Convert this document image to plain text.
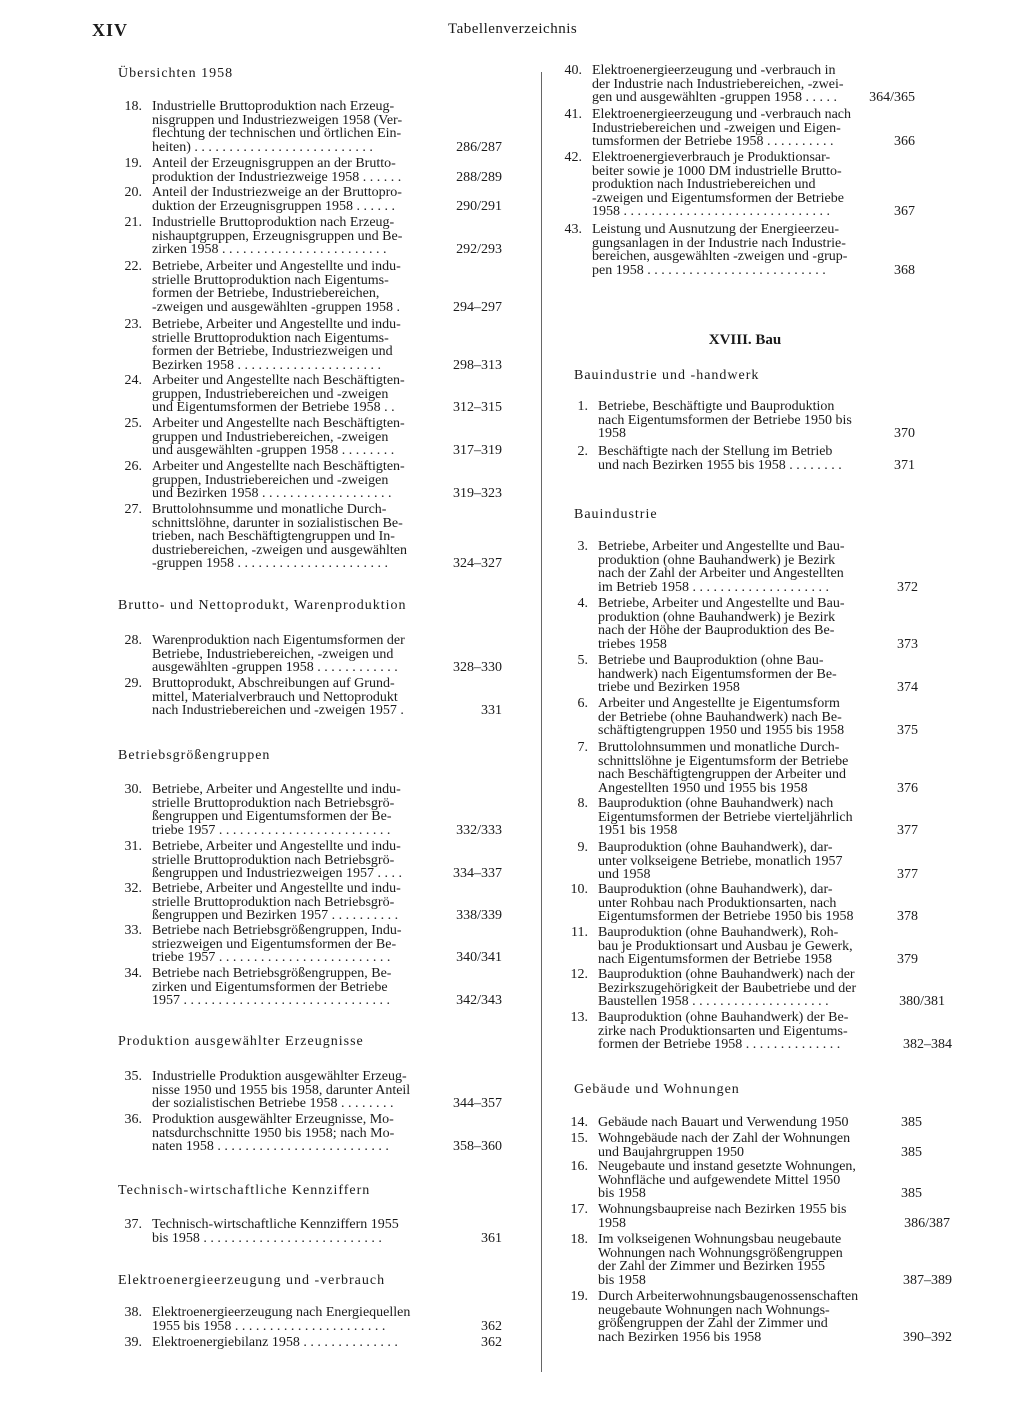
XIV	Tabellenverzeichnis
Übersichten 1958
18. Industrielle Bruttoproduktion nach Erzeug-
nisgruppen und Industriezweigen 1958 (Ver-
flechtung der technischen und örtlichen Ein-
heiten) . . . . . . . . . . . . . . . . . . . . . . . . . .	286/287
19. Anteil der Erzeugnisgruppen an der Brutto-
produktion der Industriezweige 1958 . . . . . .	288/289
20. Anteil der Industriezweige an der Bruttopro-
duktion der Erzeugnisgruppen 1958 . . . . . .	290/291
21. Industrielle Bruttoproduktion nach Erzeug-
nishauptgruppen, Erzeugnisgruppen und Be-
zirken 1958 . . . . . . . . . . . . . . . . . . . . . . . .	292/293
22. Betriebe, Arbeiter und Angestellte und indu-
strielle Bruttoproduktion nach Eigentums-
formen der Betriebe, Industriebereichen,
-zweigen und ausgewählten -gruppen 1958 .	294–297
23. Betriebe, Arbeiter und Angestellte und indu-
strielle Bruttoproduktion nach Eigentums-
formen der Betriebe, Industriezweigen und
Bezirken 1958 . . . . . . . . . . . . . . . . . . . . .	298–313
24. Arbeiter und Angestellte nach Beschäftigten-
gruppen, Industriebereichen und -zweigen
und Eigentumsformen der Betriebe 1958 . .	312–315
25. Arbeiter und Angestellte nach Beschäftigten-
gruppen und Industriebereichen, -zweigen
und ausgewählten -gruppen 1958 . . . . . . . .	317–319
26. Arbeiter und Angestellte nach Beschäftigten-
gruppen, Industriebereichen und -zweigen
und Bezirken 1958 . . . . . . . . . . . . . . . . . . .	319–323
27. Bruttolohnsumme und monatliche Durch-
schnittslöhne, darunter in sozialistischen Be-
trieben, nach Beschäftigtengruppen und In-
dustriebereichen, -zweigen und ausgewählten
-gruppen 1958 . . . . . . . . . . . . . . . . . . . . . .	324–327
Brutto- und Nettoprodukt, Warenproduktion
28. Warenproduktion nach Eigentumsformen der
Betriebe, Industriebereichen, -zweigen und
ausgewählten -gruppen 1958 . . . . . . . . . . . .	328–330
29. Bruttoprodukt, Abschreibungen auf Grund-
mittel, Materialverbrauch und Nettoprodukt
nach Industriebereichen und -zweigen 1957 .	331
Betriebsgrößengruppen
30. Betriebe, Arbeiter und Angestellte und indu-
strielle Bruttoproduktion nach Betriebsgrö-
ßengruppen und Eigentumsformen der Be-
triebe 1957 . . . . . . . . . . . . . . . . . . . . . . . . .	332/333
31. Betriebe, Arbeiter und Angestellte und indu-
strielle Bruttoproduktion nach Betriebsgrö-
ßengruppen und Industriezweigen 1957 . . . .	334–337
32. Betriebe, Arbeiter und Angestellte und indu-
strielle Bruttoproduktion nach Betriebsgrö-
ßengruppen und Bezirken 1957 . . . . . . . . . .	338/339
33. Betriebe nach Betriebsgrößengruppen, Indu-
striezweigen und Eigentumsformen der Be-
triebe 1957 . . . . . . . . . . . . . . . . . . . . . . . . .	340/341
34. Betriebe nach Betriebsgrößengruppen, Be-
zirken und Eigentumsformen der Betriebe
1957 . . . . . . . . . . . . . . . . . . . . . . . . . . . . . .	342/343
Produktion ausgewählter Erzeugnisse
35. Industrielle Produktion ausgewählter Erzeug-
nisse 1950 und 1955 bis 1958, darunter Anteil
der sozialistischen Betriebe 1958 . . . . . . . .	344–357
36. Produktion ausgewählter Erzeugnisse, Mo-
natsdurchschnitte 1950 bis 1958; nach Mo-
naten 1958 . . . . . . . . . . . . . . . . . . . . . . . . .	358–360
Technisch-wirtschaftliche Kennziffern
37. Technisch-wirtschaftliche Kennziffern 1955
bis 1958 . . . . . . . . . . . . . . . . . . . . . . . . . .	361
Elektroenergieerzeugung und -verbrauch
38. Elektroenergieerzeugung nach Energiequellen
1955 bis 1958 . . . . . . . . . . . . . . . . . . . . . .	362
39. Elektroenergiebilanz 1958 . . . . . . . . . . . . . .	362
40. Elektroenergieerzeugung und -verbrauch in
der Industrie nach Industriebereichen, -zwei-
gen und ausgewählten -gruppen 1958 . . . . .	364/365
41. Elektroenergieerzeugung und -verbrauch nach
Industriebereichen und -zweigen und Eigen-
tumsformen der Betriebe 1958 . . . . . . . . . .	366
42. Elektroenergieverbrauch je Produktionsar-
beiter sowie je 1000 DM industrielle Brutto-
produktion nach Industriebereichen und
-zweigen und Eigentumsformen der Betriebe
1958 . . . . . . . . . . . . . . . . . . . . . . . . . . . . . .	367
43. Leistung und Ausnutzung der Energieerzeu-
gungsanlagen in der Industrie nach Industrie-
bereichen, ausgewählten -zweigen und -grup-
pen 1958 . . . . . . . . . . . . . . . . . . . . . . . . . .	368
XVIII. Bau
Bauindustrie und -handwerk
1. Betriebe, Beschäftigte und Bauproduktion
nach Eigentumsformen der Betriebe 1950 bis
1958	370
2. Beschäftigte nach der Stellung im Betrieb
und nach Bezirken 1955 bis 1958 . . . . . . . .	371
Bauindustrie
3. Betriebe, Arbeiter und Angestellte und Bau-
produktion (ohne Bauhandwerk) je Bezirk
nach der Zahl der Arbeiter und Angestellten
im Betrieb 1958 . . . . . . . . . . . . . . . . . . . .	372
4. Betriebe, Arbeiter und Angestellte und Bau-
produktion (ohne Bauhandwerk) je Bezirk
nach der Höhe der Bauproduktion des Be-
triebes 1958	373
5. Betriebe und Bauproduktion (ohne Bau-
handwerk) nach Eigentumsformen der Be-
triebe und Bezirken 1958	374
6. Arbeiter und Angestellte je Eigentumsform
der Betriebe (ohne Bauhandwerk) nach Be-
schäftigtengruppen 1950 und 1955 bis 1958	375
7. Bruttolohnsummen und monatliche Durch-
schnittslöhne je Eigentumsform der Betriebe
nach Beschäftigtengruppen der Arbeiter und
Angestellten 1950 und 1955 bis 1958	376
8. Bauproduktion (ohne Bauhandwerk) nach
Eigentumsformen der Betriebe vierteljährlich
1951 bis 1958	377
9. Bauproduktion (ohne Bauhandwerk), dar-
unter volkseigene Betriebe, monatlich 1957
und 1958	377
10. Bauproduktion (ohne Bauhandwerk), dar-
unter Rohbau nach Produktionsarten, nach
Eigentumsformen der Betriebe 1950 bis 1958	378
11. Bauproduktion (ohne Bauhandwerk), Roh-
bau je Produktionsart und Ausbau je Gewerk,
nach Eigentumsformen der Betriebe 1958	379
12. Bauproduktion (ohne Bauhandwerk) nach der
Bezirkszugehörigkeit der Baubetriebe und der
Baustellen 1958 . . . . . . . . . . . . . . . . . . . .	380/381
13. Bauproduktion (ohne Bauhandwerk) der Be-
zirke nach Produktionsarten und Eigentums-
formen der Betriebe 1958 . . . . . . . . . . . . . .	382–384
Gebäude und Wohnungen
14. Gebäude nach Bauart und Verwendung 1950	385
15. Wohngebäude nach der Zahl der Wohnungen
und Baujahrgruppen 1950	385
16. Neugebaute und instand gesetzte Wohnungen,
Wohnfläche und aufgewendete Mittel 1950
bis 1958	385
17. Wohnungsbaupreise nach Bezirken 1955 bis
1958	386/387
18. Im volkseigenen Wohnungsbau neugebaute
Wohnungen nach Wohnungsgrößengruppen
der Zahl der Zimmer und Bezirken 1955
bis 1958	387–389
19. Durch Arbeiterwohnungsbaugenossenschaften
neugebaute Wohnungen nach Wohnungs-
größengruppen der Zahl der Zimmer und
nach Bezirken 1956 bis 1958	390–392
